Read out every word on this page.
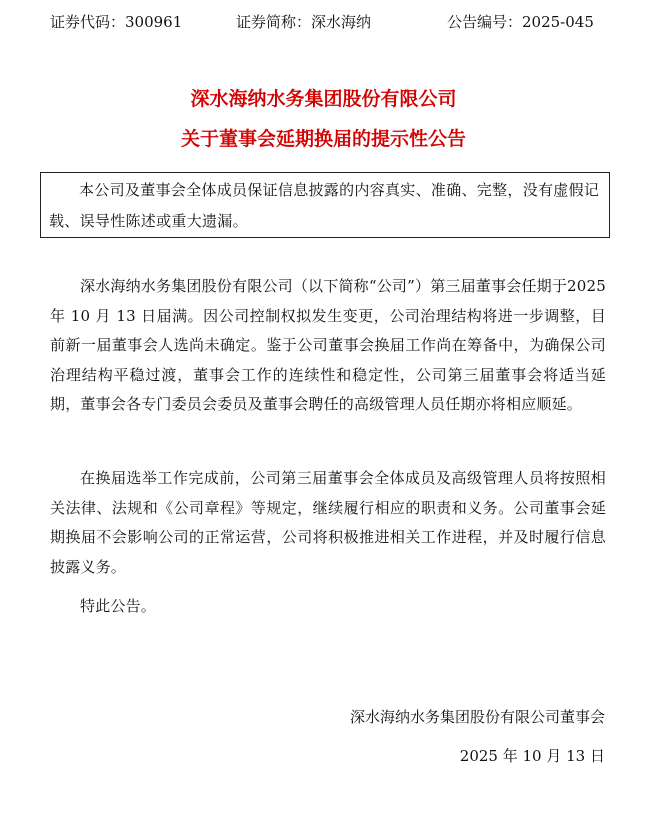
证券代码：300961	证券简称：深水海纳	公告编号：2025-045
深水海纳水务集团股份有限公司
关于董事会延期换届的提示性公告
本公司及董事会全体成员保证信息披露的内容真实、准确、完整，没有虚假记载、误导性陈述或重大遗漏。

深水海纳水务集团股份有限公司（以下简称“公司”）第三届董事会任期于2025 年 10 月 13 日届满。因公司控制权拟发生变更，公司治理结构将进一步调整，目前新一届董事会人选尚未确定。鉴于公司董事会换届工作尚在筹备中，为确保公司治理结构平稳过渡，董事会工作的连续性和稳定性，公司第三届董事会将适当延期，董事会各专门委员会委员及董事会聘任的高级管理人员任期亦将相应顺延。

在换届选举工作完成前，公司第三届董事会全体成员及高级管理人员将按照相关法律、法规和《公司章程》等规定，继续履行相应的职责和义务。公司董事会延期换届不会影响公司的正常运营，公司将积极推进相关工作进程，并及时履行信息披露义务。

特此公告。

深水海纳水务集团股份有限公司董事会
2025 年 10 月 13 日
